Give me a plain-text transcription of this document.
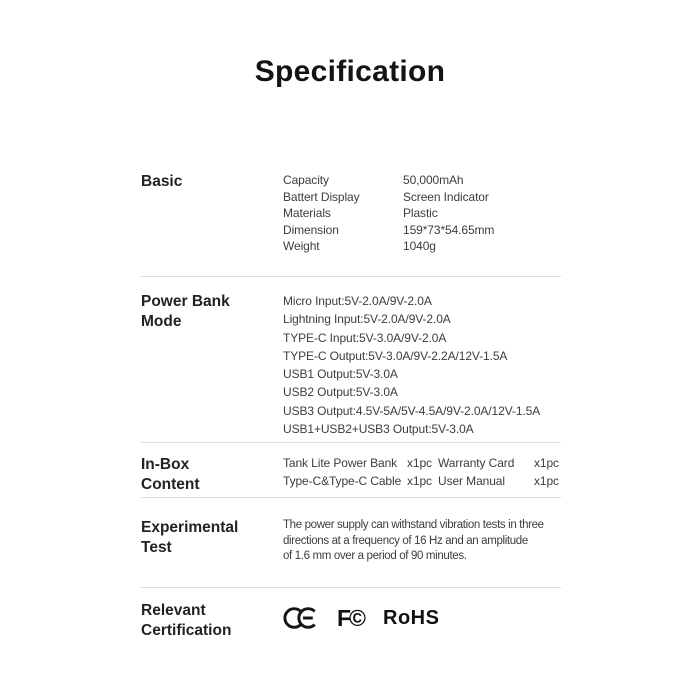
Specification
Basic	Capacity	50,000mAh
Battert Display	Screen Indicator
Materials	Plastic
Dimension	159*73*54.65mm
Weight	1040g
Power Bank Mode
Micro Input:5V-2.0A/9V-2.0A
Lightning Input:5V-2.0A/9V-2.0A
TYPE-C Input:5V-3.0A/9V-2.0A
TYPE-C Output:5V-3.0A/9V-2.2A/12V-1.5A
USB1 Output:5V-3.0A
USB2 Output:5V-3.0A
USB3 Output:4.5V-5A/5V-4.5A/9V-2.0A/12V-1.5A
USB1+USB2+USB3 Output:5V-3.0A
In-Box Content
Tank Lite Power Bank x1pc Warranty Card	x1pc
Type-C&Type-C Cable x1pc User Manual	x1pc
Experimental Test
The power supply can withstand vibration tests in three
directions at a frequency of 16 Hz and an amplitude
of 1.6 mm over a period of 90 minutes.
Relevant Certification	F© RoHS
